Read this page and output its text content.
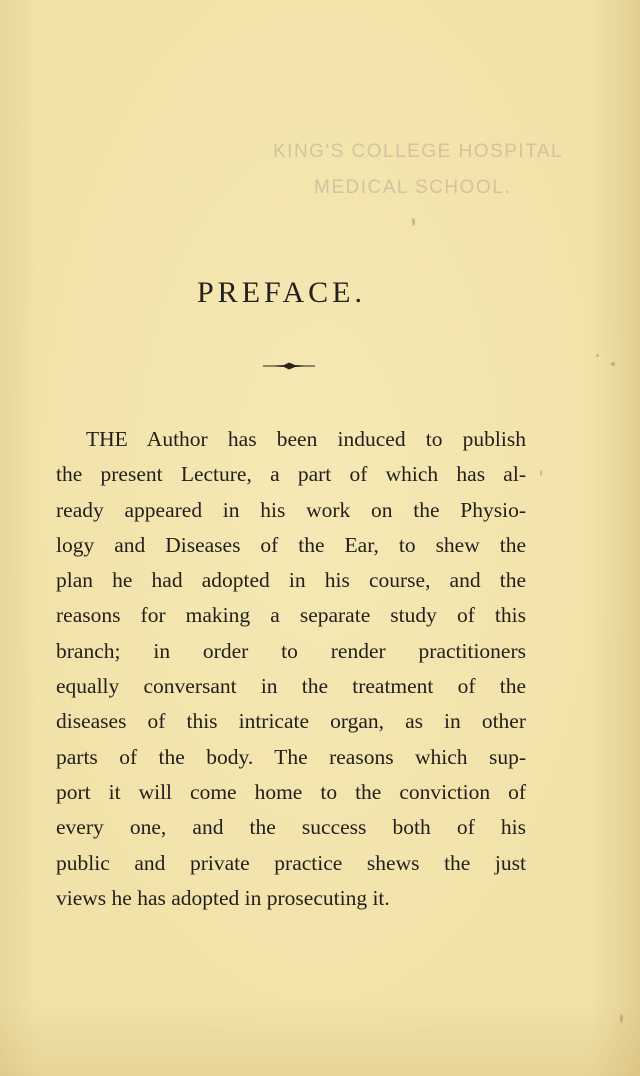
KING'S COLLEGE HOSPITAL
MEDICAL SCHOOL.
PREFACE.
THE Author has been induced to publish
the present Lecture, a part of which has al-
ready appeared in his work on the Physio-
logy and Diseases of the Ear, to shew the
plan he had adopted in his course, and the
reasons for making a separate study of this
branch; in order to render practitioners
equally conversant in the treatment of the
diseases of this intricate organ, as in other
parts of the body. The reasons which sup-
port it will come home to the conviction of
every one, and the success both of his
public and private practice shews the just
views he has adopted in prosecuting it.
